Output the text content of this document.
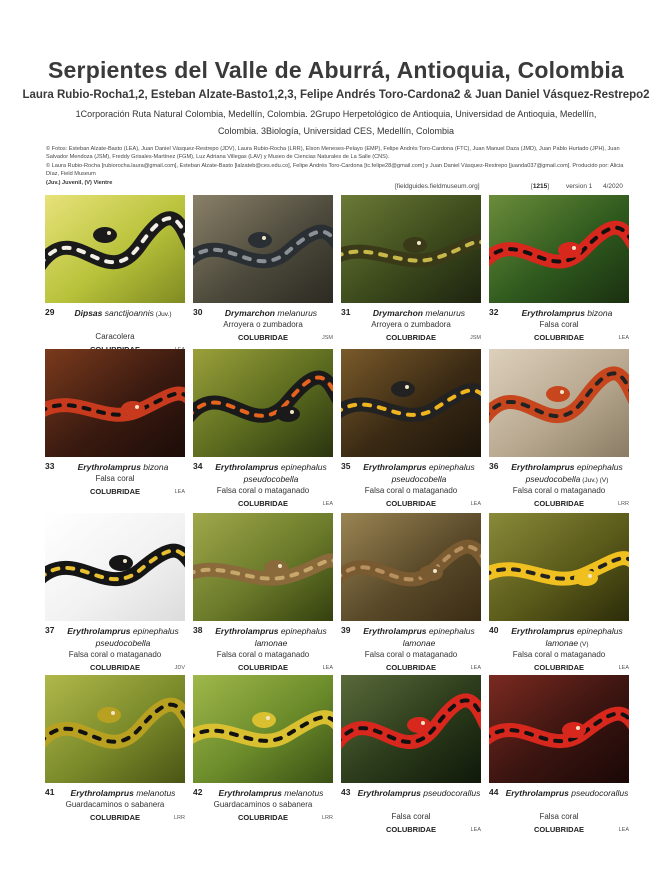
Serpientes del Valle de Aburrá, Antioquia, Colombia
Laura Rubio-Rocha1,2, Esteban Alzate-Basto1,2,3, Felipe Andrés Toro-Cardona2 & Juan Daniel Vásquez-Restrepo2
1Corporación Ruta Natural Colombia, Medellín, Colombia. 2Grupo Herpetológico de Antioquia, Universidad de Antioquia, Medellín, Colombia. 3Biología, Universidad CES, Medellín, Colombia

© Fotos: Esteban Alzate-Basto (LEA), Juan Daniel Vásquez-Restrepo (JDV), Laura Rubio-Rocha (LRR), Elson Meneses-Pelayo (EMP), Felipe Andrés Toro-Cardona (FTC), Juan Manuel Daza (JMD), Juan Pablo Hurtado (JPH), Juan Salvador Mendoza (JSM), Freddy Grisales-Martínez (FGM), Luz Adriana Villegas (LAV) y Museo de Ciencias Naturales de La Salle (CNS).

© Laura Rubio-Rocha [rubiorocha.laura@gmail.com], Esteban Alzate-Basto [lalzateb@ces.edu.co], Felipe Andrés Toro-Cardona [tc.felipe28@gmail.com] y Juan Daniel Vásquez-Restrepo [juanda037@gmail.com]. Producido por: Alicia Díaz, Field Museum

(Juv.) Juvenil, (V) Vientre

[fieldguides.fieldmuseum.org]	[1215]	version 1 4/2020
29	Dipsas sanctijoannis (Juv.)
Caracolera
30	Drymarchon melanurus
Arroyera o zumbadora
COLUBRIDAE	JSM
31	Drymarchon melanurus
Arroyera o zumbadora
COLUBRIDAE	JSM
32	Erythrolamprus bizona
Falsa coral
COLUBRIDAE	LEA
33	Erythrolamprus bizona
Falsa coral
COLUBRIDAE	LEA
34	Erythrolamprus epinephalus pseudocobella
Falsa coral o mataganado
COLUBRIDAE	LEA
35	Erythrolamprus epinephalus pseudocobella
Falsa coral o mataganado
COLUBRIDAE	LEA
36	Erythrolamprus epinephalus pseudocobella (Juv.) (V)
Falsa coral o mataganado
COLUBRIDAE	LRR
37	Erythrolamprus epinephalus pseudocobella
Falsa coral o mataganado
COLUBRIDAE	JDV
38	Erythrolamprus epinephalus lamonae
Falsa coral o mataganado
COLUBRIDAE	LEA
39	Erythrolamprus epinephalus lamonae
Falsa coral o mataganado
COLUBRIDAE	LEA
40	Erythrolamprus epinephalus lamonae (V)
Falsa coral o mataganado
COLUBRIDAE	LEA
41	Erythrolamprus melanotus
Guardacaminos o sabanera
COLUBRIDAE	LRR
42	Erythrolamprus melanotus
Guardacaminos o sabanera
COLUBRIDAE	LRR
43 Erythrolamprus pseudocorallus
Falsa coral
COLUBRIDAE	LEA
44 Erythrolamprus pseudocorallus
Falsa coral
COLUBRIDAE	LEA
